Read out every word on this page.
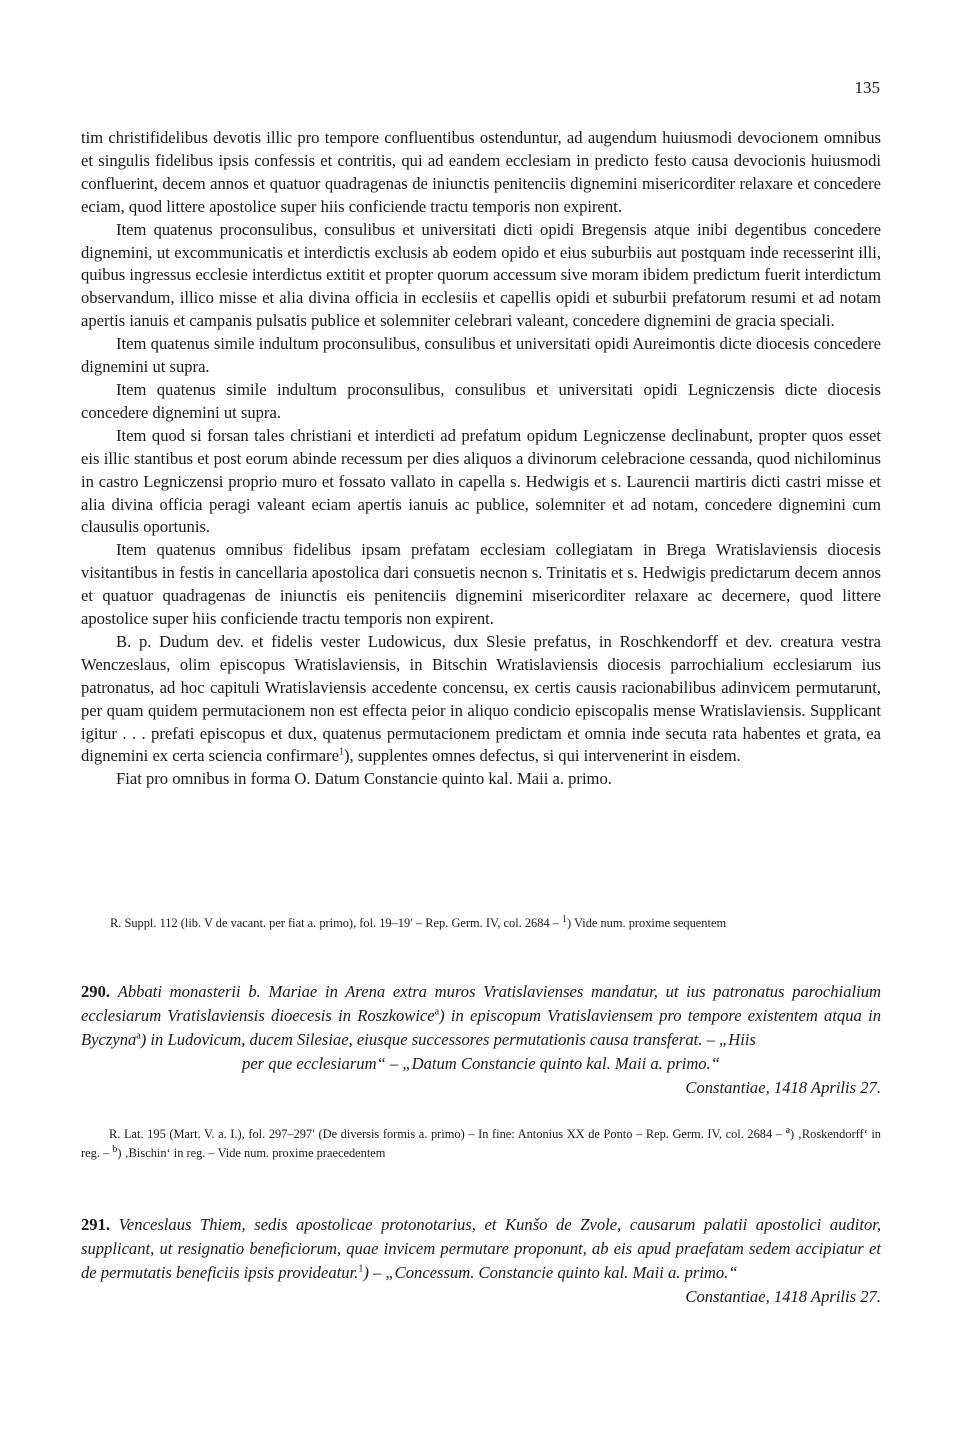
135

tim christifidelibus devotis illic pro tempore confluentibus ostenduntur, ad augendum huiusmodi devocionem omnibus et singulis fidelibus ipsis confessis et contritis, qui ad eandem ecclesiam in predicto festo causa devocionis huiusmodi confluerint, decem annos et quatuor quadragenas de iniunctis penitenciis dignemini misericorditer relaxare et concedere eciam, quod littere apostolice super hiis conficiende tractu temporis non expirent.

Item quatenus proconsulibus, consulibus et universitati dicti opidi Bregensis atque inibi degentibus concedere dignemini, ut excommunicatis et interdictis exclusis ab eodem opido et eius suburbiis aut postquam inde recesserint illi, quibus ingressus ecclesie interdictus extitit et propter quorum accessum sive moram ibidem predictum fuerit interdictum observandum, illico misse et alia divina officia in ecclesiis et capellis opidi et suburbii prefatorum resumi et ad notam apertis ianuis et campanis pulsatis publice et solemniter celebrari valeant, concedere dignemini de gracia speciali.

Item quatenus simile indultum proconsulibus, consulibus et universitati opidi Aureimontis dicte diocesis concedere dignemini ut supra.

Item quatenus simile indultum proconsulibus, consulibus et universitati opidi Legniczensis dicte diocesis concedere dignemini ut supra.

Item quod si forsan tales christiani et interdicti ad prefatum opidum Legniczense declinabunt, propter quos esset eis illic stantibus et post eorum abinde recessum per dies aliquos a divinorum celebracione cessanda, quod nichilominus in castro Legniczensi proprio muro et fossato vallato in capella s. Hedwigis et s. Laurencii martiris dicti castri misse et alia divina officia peragi valeant eciam apertis ianuis ac publice, solemniter et ad notam, concedere dignemini cum clausulis oportunis.

Item quatenus omnibus fidelibus ipsam prefatam ecclesiam collegiatam in Brega Wratislaviensis diocesis visitantibus in festis in cancellaria apostolica dari consuetis necnon s. Trinitatis et s. Hedwigis predictarum decem annos et quatuor quadragenas de iniunctis eis penitenciis dignemini misericorditer relaxare ac decernere, quod littere apostolice super hiis conficiende tractu temporis non expirent.

B. p. Dudum dev. et fidelis vester Ludowicus, dux Slesie prefatus, in Roschkendorff et dev. creatura vestra Wenczeslaus, olim episcopus Wratislaviensis, in Bitschin Wratislaviensis diocesis parrochialium ecclesiarum ius patronatus, ad hoc capituli Wratislaviensis accedente concensu, ex certis causis racionabilibus adinvicem permutarunt, per quam quidem permutacionem non est effecta peior in aliquo condicio episcopalis mense Wratislaviensis. Supplicant igitur . . . prefati episcopus et dux, quatenus permutacionem predictam et omnia inde secuta rata habentes et grata, ea dignemini ex certa sciencia confirmare$^1$), supplentes omnes defectus, si qui intervenerint in eisdem.

Fiat pro omnibus in forma O. Datum Constancie quinto kal. Maii a. primo.

R. Suppl. 112 (lib. V de vacant. per fiat a. primo), fol. 19–19′ – Rep. Germ. IV, col. 2684 – $^1$) Vide num. proxime sequentem
290. Abbati monasterii b. Mariae in Arena extra muros Vratislavienses mandatur, ut ius patronatus parochialium ecclesiarum Vratislaviensis dioecesis in Roszkowice$^a$) in episcopum Vratislaviensem pro tempore existentem atqua in Byczyna$^a$) in Ludovicum, ducem Silesiae, eiusque successores permutationis causa transferat. – „Hiis
per que ecclesiarum“ – „Datum Constancie quinto kal. Maii a. primo.“
Constantiae, 1418 Aprilis 27.
R. Lat. 195 (Mart. V. a. I.), fol. 297–297′ (De diversis formis a. primo) – In fine: Antonius XX de Ponto – Rep. Germ. IV, col. 2684 – $^a$) ‚Roskendorff‘ in reg. – $^b$) ‚Bischin‘ in reg. – Vide num. proxime praecedentem
291. Venceslaus Thiem, sedis apostolicae protonotarius, et Kunšo de Zvole, causarum palatii apostolici auditor, supplicant, ut resignatio beneficiorum, quae invicem permutare proponunt, ab eis apud praefatam sedem accipiatur et de permutatis beneficiis ipsis provideatur.$^1$) – „Concessum. Constancie quinto kal. Maii a. primo.“
Constantiae, 1418 Aprilis 27.
